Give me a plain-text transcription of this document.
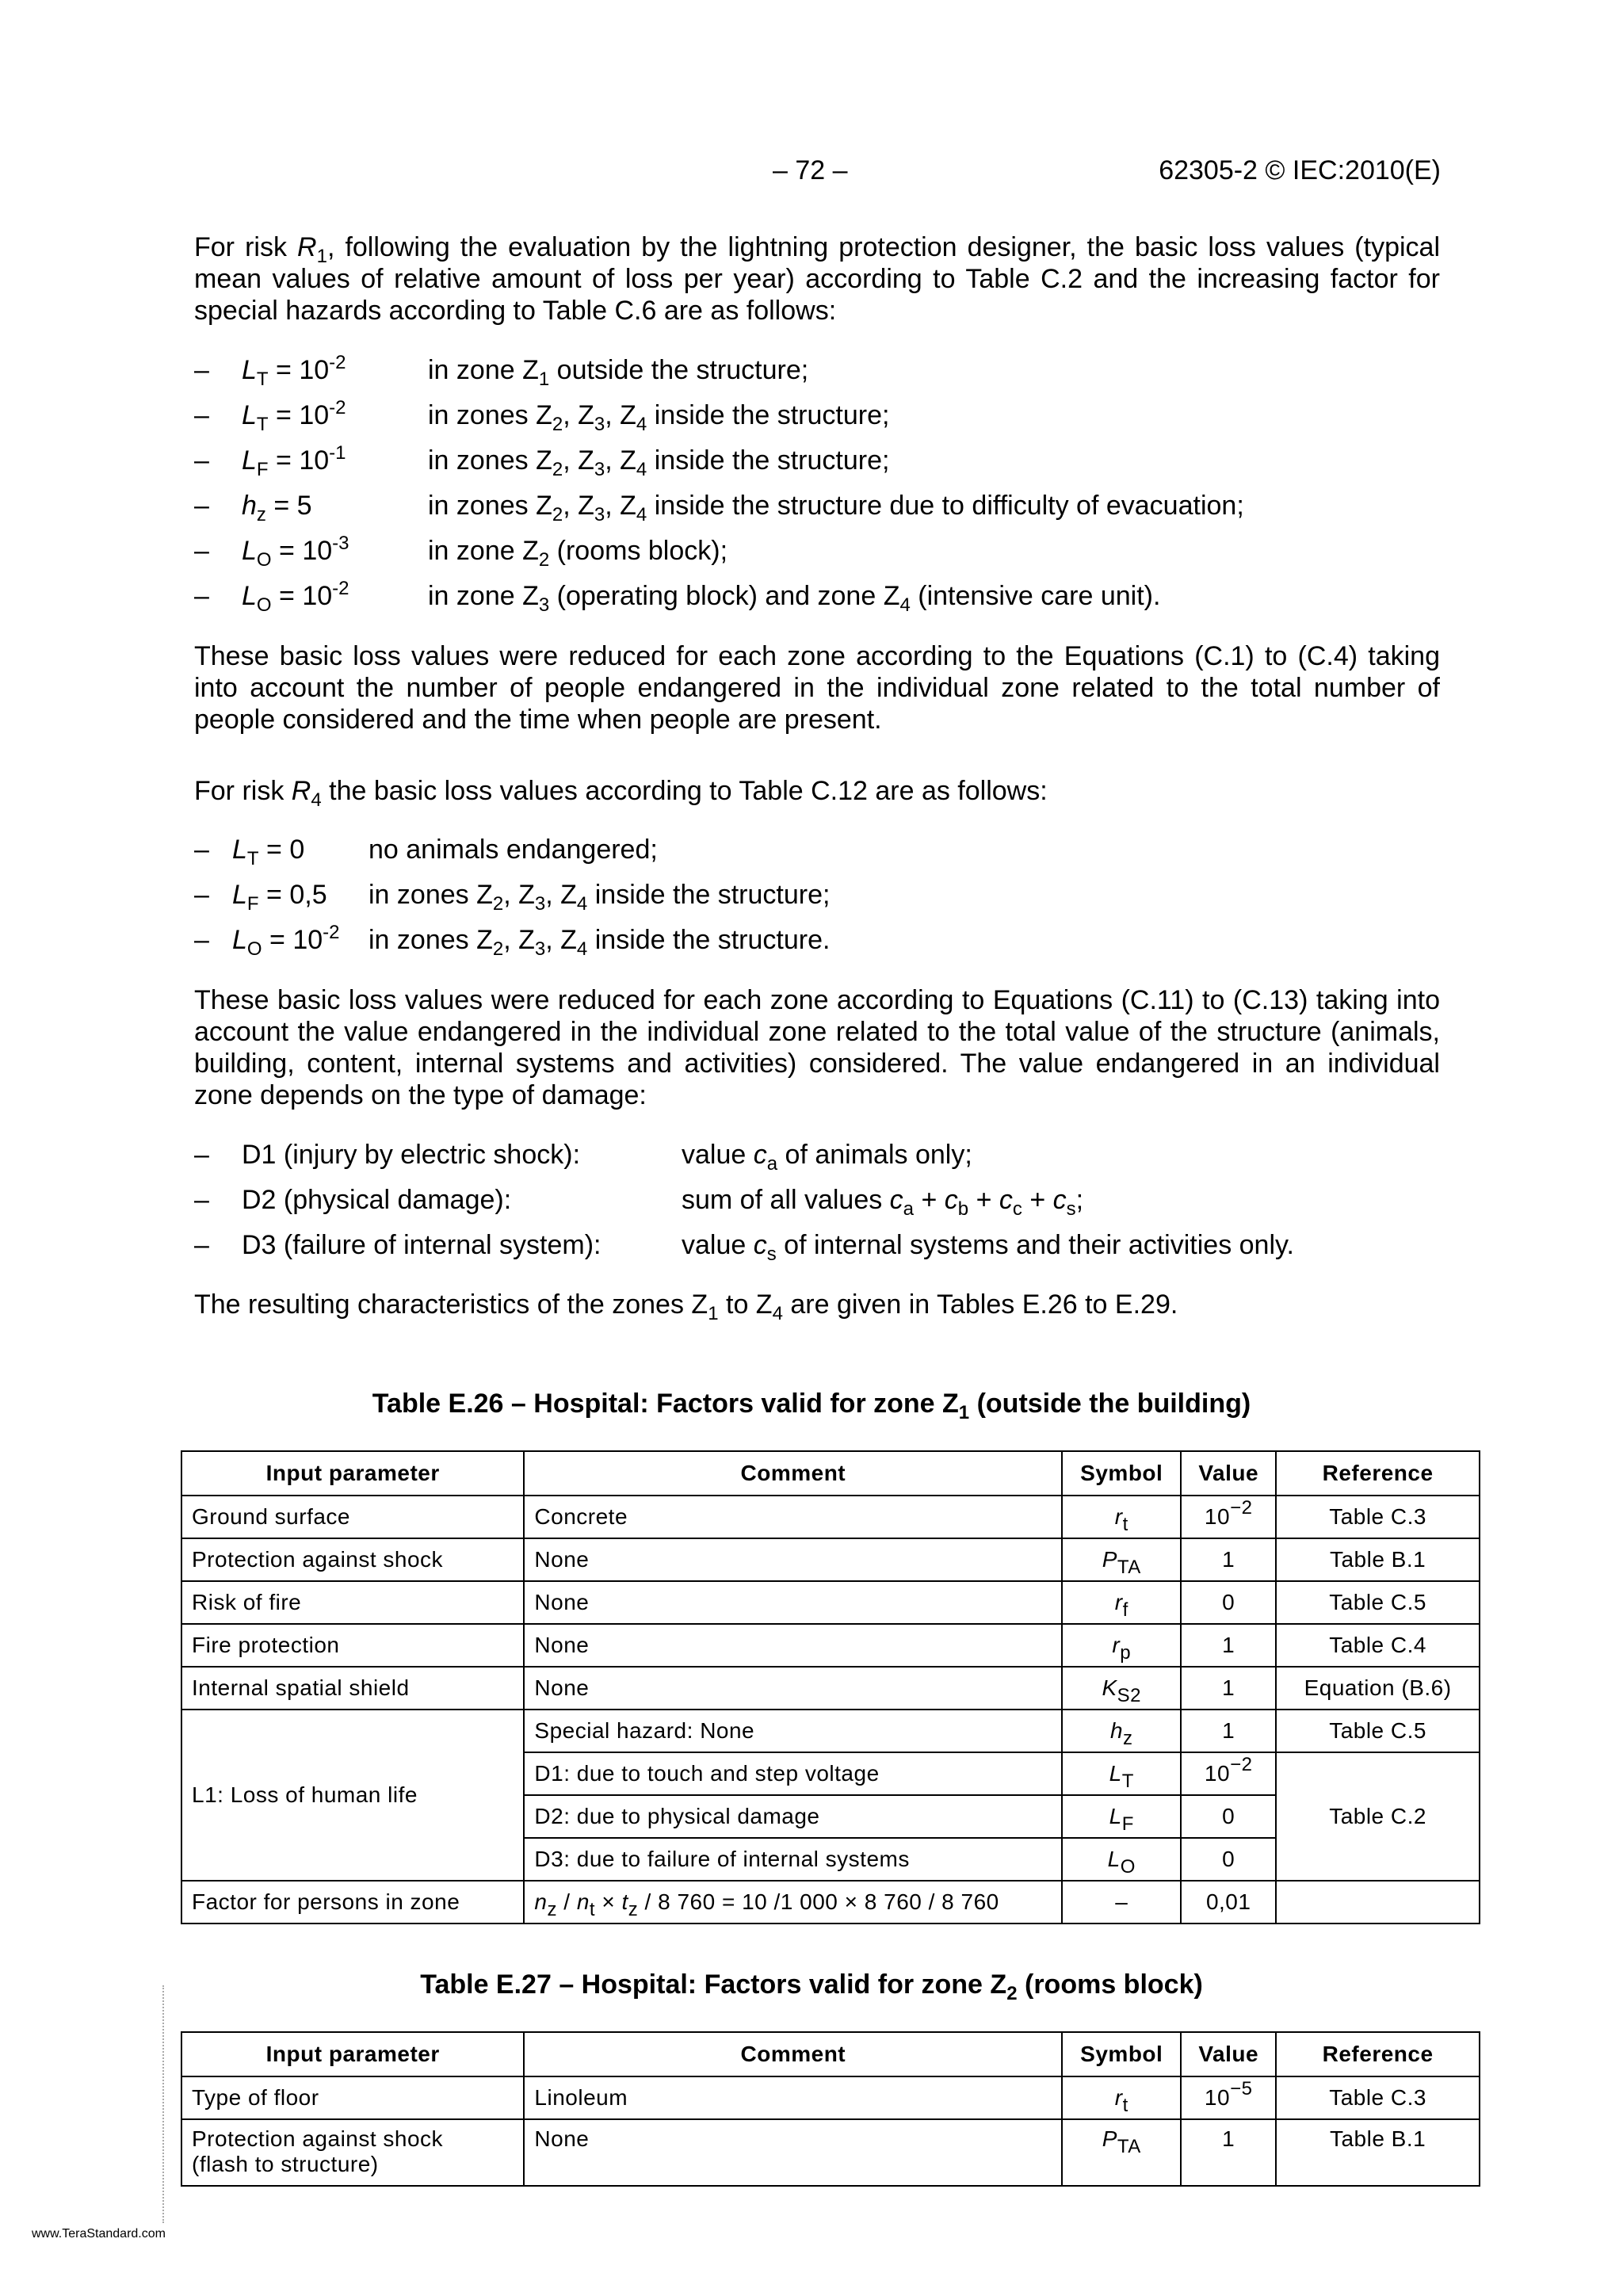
– 72 –	62305-2 © IEC:2010(E)
For risk $R_1$, following the evaluation by the lightning protection designer, the basic loss values (typical mean values of relative amount of loss per year) according to Table C.2 and the increasing factor for special hazards according to Table C.6 are as follows:
– $L_T = 10^{-2}$	in zone $Z_1$ outside the structure;
– $L_T = 10^{-2}$	in zones $Z_2$, $Z_3$, $Z_4$ inside the structure;
– $L_F = 10^{-1}$	in zones $Z_2$, $Z_3$, $Z_4$ inside the structure;
– $h_z = 5$	in zones $Z_2$, $Z_3$, $Z_4$ inside the structure due to difficulty of evacuation;
– $L_O = 10^{-3}$	in zone $Z_2$ (rooms block);
– $L_O = 10^{-2}$	in zone $Z_3$ (operating block) and zone $Z_4$ (intensive care unit).
These basic loss values were reduced for each zone according to the Equations (C.1) to (C.4) taking into account the number of people endangered in the individual zone related to the total number of people considered and the time when people are present.
For risk $R_4$ the basic loss values according to Table C.12 are as follows:
– $L_T = 0$ no animals endangered;
– $L_F = 0,5$ in zones $Z_2$, $Z_3$, $Z_4$ inside the structure;
– $L_O = 10^{-2}$ in zones $Z_2$, $Z_3$, $Z_4$ inside the structure.
These basic loss values were reduced for each zone according to Equations (C.11) to (C.13) taking into account the value endangered in the individual zone related to the total value of the structure (animals, building, content, internal systems and activities) considered. The value endangered in an individual zone depends on the type of damage:
– D1 (injury by electric shock):	value $c_a$ of animals only;
– D2 (physical damage):	sum of all values $c_a + c_b + c_c + c_s$;
– D3 (failure of internal system):	value $c_s$ of internal systems and their activities only.
The resulting characteristics of the zones $Z_1$ to $Z_4$ are given in Tables E.26 to E.29.
Table E.26 – Hospital: Factors valid for zone $Z_1$ (outside the building)
Input parameter	Comment	Symbol	Value	Reference
Ground surface	Concrete	$r_t$	$10^{-2}$	Table C.3
Protection against shock	None	$P_{TA}$	1	Table B.1
Risk of fire	None	$r_f$	0	Table C.5
Fire protection	None	$r_p$	1	Table C.4
Internal spatial shield	None	$K_{S2}$	1	Equation (B.6)
L1: Loss of human life	Special hazard: None	$h_z$	1	Table C.5
	D1: due to touch and step voltage	$L_T$	$10^{-2}$	Table C.2
	D2: due to physical damage	$L_F$	0	
	D3: due to failure of internal systems	$L_O$	0	
Factor for persons in zone	$n_z / n_t \times t_z / 8$ 760 = 10 /1 000 × 8 760 / 8 760	–	0,01	
Table E.27 – Hospital: Factors valid for zone $Z_2$ (rooms block)
Input parameter	Comment	Symbol	Value	Reference
Type of floor	Linoleum	$r_t$	$10^{-5}$	Table C.3
Protection against shock
(flash to structure)	None	$P_{TA}$	1	Table B.1
www.TeraStandard.com
